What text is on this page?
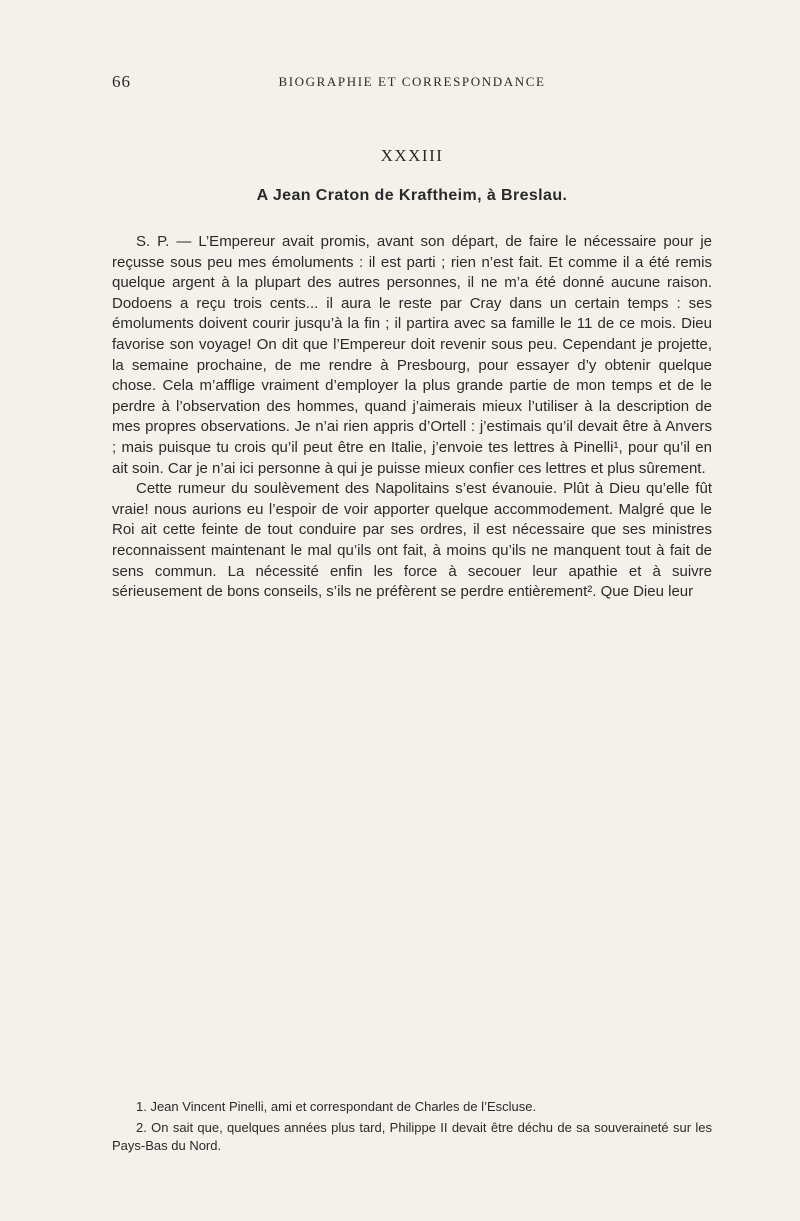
66	BIOGRAPHIE ET CORRESPONDANCE
XXXIII
A Jean Craton de Kraftheim, à Breslau.

S. P. — L’Empereur avait promis, avant son départ, de faire le nécessaire pour je reçusse sous peu mes émoluments : il est parti ; rien n’est fait. Et comme il a été remis quelque argent à la plupart des autres personnes, il ne m’a été donné aucune raison. Dodoens a reçu trois cents... il aura le reste par Cray dans un certain temps : ses émoluments doivent courir jusqu’à la fin ; il partira avec sa famille le 11 de ce mois. Dieu favorise son voyage! On dit que l’Empereur doit revenir sous peu. Cependant je projette, la semaine prochaine, de me rendre à Presbourg, pour essayer d’y obtenir quelque chose. Cela m’afflige vraiment d’employer la plus grande partie de mon temps et de le perdre à l’observation des hommes, quand j’aimerais mieux l’utiliser à la description de mes propres observations. Je n’ai rien appris d’Ortell : j’estimais qu’il devait être à Anvers ; mais puisque tu crois qu’il peut être en Italie, j’envoie tes lettres à Pinelli¹, pour qu’il en ait soin. Car je n’ai ici personne à qui je puisse mieux confier ces lettres et plus sûrement.

Cette rumeur du soulèvement des Napolitains s’est évanouie. Plût à Dieu qu’elle fût vraie! nous aurions eu l’espoir de voir apporter quelque accommodement. Malgré que le Roi ait cette feinte de tout conduire par ses ordres, il est nécessaire que ses ministres reconnaissent maintenant le mal qu’ils ont fait, à moins qu’ils ne manquent tout à fait de sens commun. La nécessité enfin les force à secouer leur apathie et à suivre sérieusement de bons conseils, s’ils ne préfèrent se perdre entièrement². Que Dieu leur

1. Jean Vincent Pinelli, ami et correspondant de Charles de l’Escluse.

2. On sait que, quelques années plus tard, Philippe II devait être déchu de sa souveraineté sur les Pays-Bas du Nord.
